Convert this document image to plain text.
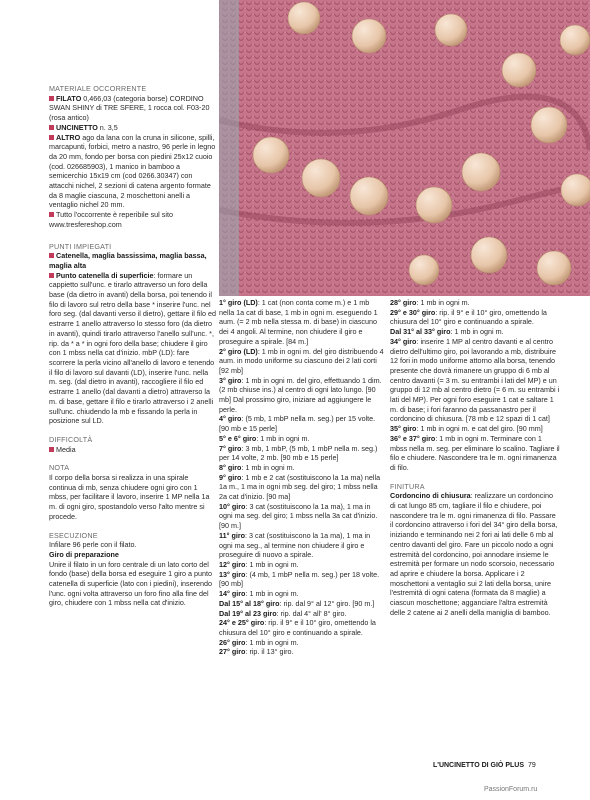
MATERIALE OCCORRENTE

FILATO 0,466,03 (categoria borse) CORDINO SWAN SHINY di TRE SFERE, 1 rocca col. F03-20 (rosa antico)

UNCINETTO n. 3,5

ALTRO ago da lana con la cruna in silicone, spilli, marcapunti, forbici, metro a nastro, 96 perle in legno da 20 mm, fondo per borsa con piedini 25x12 cuoio (cod. 026685903), 1 manico in bamboo a semicerchio 15x19 cm (cod 0266.30347) con attacchi nichel, 2 sezioni di catena argento formate da 8 maglie ciascuna, 2 moschettoni anelli a ventaglio nichel 20 mm.

Tutto l'occorrente è reperibile sul sito www.tresfereshop.com

PUNTI IMPIEGATI

Catenella, maglia bassissima, maglia bassa, maglia alta

Punto catenella di superficie: formare un cappietto sull'unc. e tirarlo attraverso un foro della base (da dietro in avanti) della borsa, poi tenendo il filo di lavoro sul retro della base * inserire l'unc. nel foro seg. (dal davanti verso il dietro), gettare il filo ed estrarre 1 anello attraverso lo stesso foro (da dietro in avanti), quindi tirarlo attraverso l'anello sull'unc. *, rip. da * a * in ogni foro della base; chiudere il giro con 1 mbss nella cat d'inizio. mbP (LD): fare scorrere la perla vicino all'anello di lavoro e tenendo il filo di lavoro sul davanti (LD), inserire l'unc. nella m. seg. (dal dietro in avanti), raccogliere il filo ed estrarre 1 anello (dal davanti a dietro) attraverso la m. di base, gettare il filo e tirarlo attraverso i 2 anelli sull'unc. chiudendo la mb e fissando la perla in posizione sul LD.

DIFFICOLTÀ

Media

NOTA

Il corpo della borsa si realizza in una spirale continua di mb, senza chiudere ogni giro con 1 mbss, per facilitare il lavoro, inserire 1 MP nella 1a m. di ogni giro, spostandolo verso l'alto mentre si procede.

ESECUZIONE

Infilare 96 perle con il filato.

Giro di preparazione

Unire il filato in un foro centrale di un lato corto del fondo (base) della borsa ed eseguire 1 giro a punto catenella di superficie (lato con i piedini), inserendo l'unc. ogni volta attraverso un foro fino alla fine del giro, chiudere con 1 mbss nella cat d'inizio.

1° giro (LD): 1 cat (non conta come m.) e 1 mb nella 1a cat di base, 1 mb in ogni m. eseguendo 1 aum. (= 2 mb nella stessa m. di base) in ciascuno dei 4 angoli. Al termine, non chiudere il giro e proseguire a spirale. [84 m.]

2° giro (LD): 1 mb in ogni m. del giro distribuendo 4 aum. in modo uniforme su ciascuno dei 2 lati corti [92 mb]

3° giro: 1 mb in ogni m. del giro, effettuando 1 dim. (2 mb chiuse ins.) al centro di ogni lato lungo. [90 mb] Dal prossimo giro, iniziare ad aggiungere le perle.

4° giro: (5 mb, 1 mbP nella m. seg.) per 15 volte. [90 mb e 15 perle]

5° e 6° giro: 1 mb in ogni m.

7° giro: 3 mb, 1 mbP, (5 mb, 1 mbP nella m. seg.) per 14 volte, 2 mb. [90 mb e 15 perle]

8° giro: 1 mb in ogni m.

9° giro: 1 mb e 2 cat (sostituiscono la 1a ma) nella 1a m., 1 ma in ogni mb seg. del giro; 1 mbss nella 2a cat d'inizio. [90 ma]

10° giro: 3 cat (sostituiscono la 1a ma), 1 ma in ogni ma seg. del giro; 1 mbss nella 3a cat d'inizio. [90 m.]

11° giro: 3 cat (sostituiscono la 1a ma), 1 ma in ogni ma seg., al termine non chiudere il giro e proseguire di nuovo a spirale.

12° giro: 1 mb in ogni m.

13° giro: (4 mb, 1 mbP nella m. seg.) per 18 volte. [90 mb]

14° giro: 1 mb in ogni m.

Dal 15° al 18° giro: rip. dal 9° al 12° giro. [90 m.]

Dal 19° al 23 giro: rip. dal 4° all' 8° giro.

24° e 25° giro: rip. il 9° e il 10° giro, omettendo la chiusura del 10° giro e continuando a spirale.

26° giro: 1 mb in ogni m.

27° giro: rip. il 13° giro.

28° giro: 1 mb in ogni m.

29° e 30° giro: rip. il 9° e il 10° giro, omettendo la chiusura del 10° giro e continuando a spirale.

Dal 31° al 33° giro: 1 mb in ogni m.

34° giro: inserire 1 MP al centro davanti e al centro dietro dell'ultimo giro, poi lavorando a mb, distribuire 12 fori in modo uniforme attorno alla borsa, tenendo presente che dovrà rimanere un gruppo di 6 mb al centro davanti (= 3 m. su entrambi i lati del MP) e un gruppo di 12 mb al centro dietro (= 6 m. su entrambi i lati del MP). Per ogni foro eseguire 1 cat e saltare 1 m. di base; i fori faranno da passanastro per il cordoncino di chiusura. [78 mb e 12 spazi di 1 cat]

35° giro: 1 mb in ogni m. e cat del giro. [90 mm]

36° e 37° giro: 1 mb in ogni m. Terminare con 1 mbss nella m. seg. per eliminare lo scalino. Tagliare il filo e chiudere. Nascondere tra le m. ogni rimanenza di filo.

FINITURA

Cordoncino di chiusura: realizzare un cordoncino di cat lungo 85 cm, tagliare il filo e chiudere, poi nascondere tra le m. ogni rimanenza di filo. Passare il cordoncino attraverso i fori del 34° giro della borsa, iniziando e terminando nei 2 fori ai lati delle 6 mb al centro davanti del giro. Fare un piccolo nodo a ogni estremità del cordoncino, poi annodare insieme le estremità per formare un nodo scorsoio, necessario ad aprire e chiudere la borsa. Applicare i 2 moschettoni a ventaglio sui 2 lati della borsa, unire l'estremità di ogni catena (formata da 8 maglie) a ciascun moschettone; agganciare l'altra estremità delle 2 catene ai 2 anelli della maniglia di bamboo.

L'UNCINETTO DI GIÒ PLUS 79
PassionForum.ru
